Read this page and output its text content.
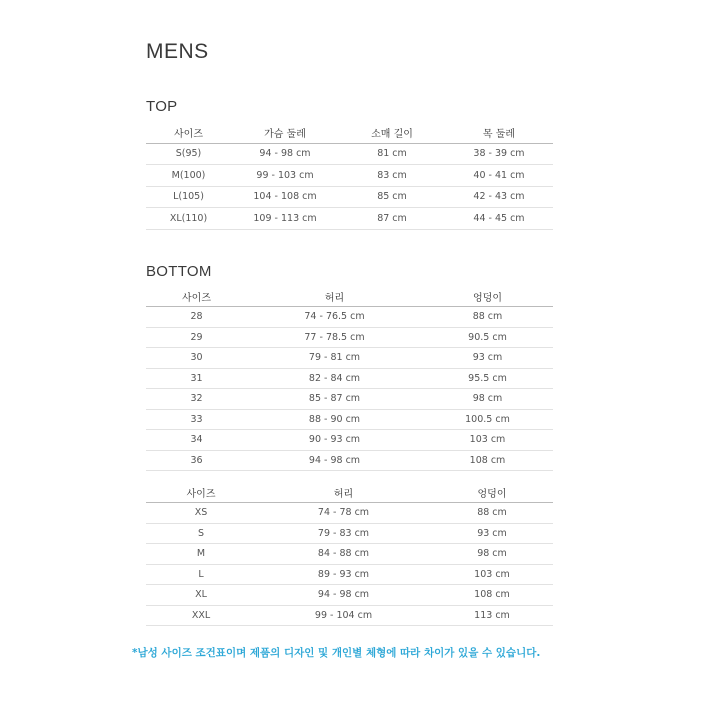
MENS
TOP
사이즈	가슴 둘레	소매 길이	목 둘레
S(95)	94 - 98 cm	81 cm	38 - 39 cm
M(100)	99 - 103 cm	83 cm	40 - 41 cm
L(105)	104 - 108 cm	85 cm	42 - 43 cm
XL(110)	109 - 113 cm	87 cm	44 - 45 cm
BOTTOM
사이즈	허리	엉덩이
28	74 - 76.5 cm	88 cm
29	77 - 78.5 cm	90.5 cm
30	79 - 81 cm	93 cm
31	82 - 84 cm	95.5 cm
32	85 - 87 cm	98 cm
33	88 - 90 cm	100.5 cm
34	90 - 93 cm	103 cm
36	94 - 98 cm	108 cm
사이즈	허리	엉덩이
XS	74 - 78 cm	88 cm
S	79 - 83 cm	93 cm
M	84 - 88 cm	98 cm
L	89 - 93 cm	103 cm
XL	94 - 98 cm	108 cm
XXL	99 - 104 cm	113 cm
*남성 사이즈 조건표이며 제품의 디자인 및 개인별 체형에 따라 차이가 있을 수 있습니다.
